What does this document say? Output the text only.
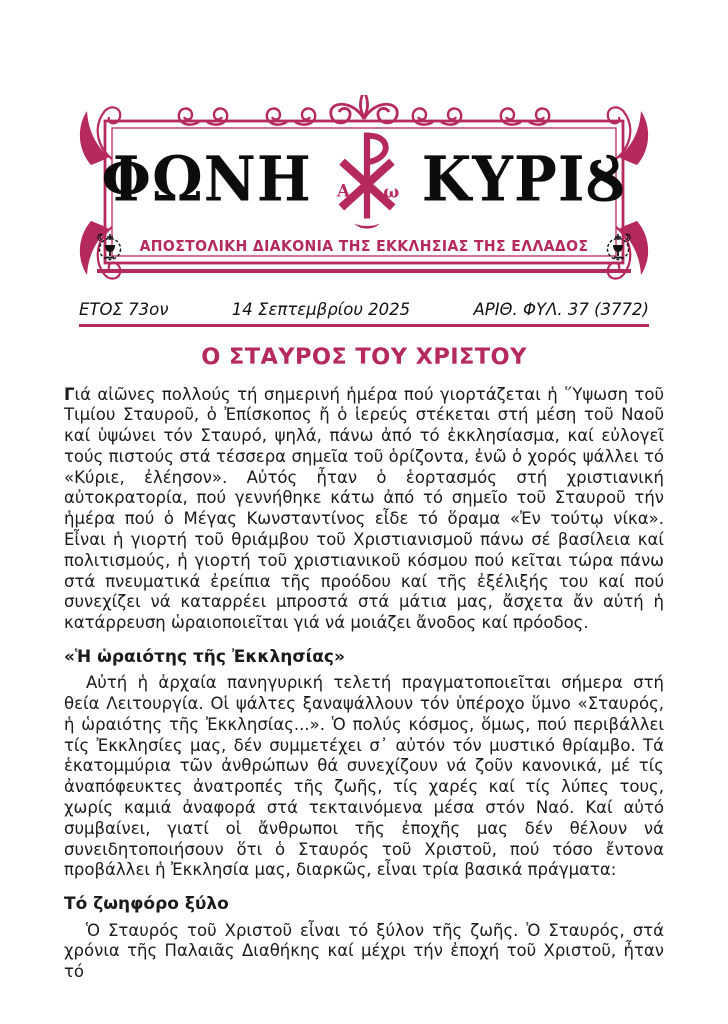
ΦΩΝΗ Α ω ΚΥΡΙȢ
ΑΠΟΣΤΟΛΙΚΗ ΔΙΑΚΟΝΙΑ ΤΗΣ ΕΚΚΛΗΣΙΑΣ ΤΗΣ ΕΛΛΑΔΟΣ
ΕΤΟΣ 73ον	14 Σεπτεμβρίου 2025	ΑΡΙΘ. ΦΥΛ. 37 (3772)
Ο ΣΤΑΥΡΟΣ ΤΟΥ ΧΡΙΣΤΟΥ

Γιά αἰῶνες πολλούς τή σημερινή ἡμέρα πού γιορτάζεται ἡ ῞Υψωση τοῦ Τιμίου Σταυροῦ, ὁ Ἐπίσκοπος ἤ ὁ ἱερεύς στέκεται στή μέση τοῦ Ναοῦ καί ὑψώνει τόν Σταυρό, ψηλά, πάνω ἀπό τό ἐκκλησίασμα, καί εὐλογεῖ τούς πιστούς στά τέσσερα σημεῖα τοῦ ὁρίζοντα, ἐνῶ ὁ χορός ψάλλει τό «Κύριε, ἐλέησον». Αὐτός ἦταν ὁ ἑορτασμός στή χριστιανική αὐτοκρατορία, πού γεννήθηκε κάτω ἀπό τό σημεῖο τοῦ Σταυροῦ τήν ἡμέρα πού ὁ Μέγας Κωνσταντίνος εἶδε τό ὅραμα «Ἐν τούτῳ νίκα». Εἶναι ἡ γιορτή τοῦ θριάμβου τοῦ Χριστιανισμοῦ πάνω σέ βασίλεια καί πολιτισμούς, ἡ γιορτή τοῦ χριστιανικοῦ κόσμου πού κεῖται τώρα πάνω στά πνευματικά ἐρείπια τῆς προόδου καί τῆς ἐξέλιξής του καί πού συνεχίζει νά καταρρέει μπροστά στά μάτια μας, ἄσχετα ἄν αὐτή ἡ κατάρρευση ὡραιοποιεῖται γιά νά μοιάζει ἄνοδος καί πρόοδος.

«Ἡ ὡραιότης τῆς Ἐκκλησίας»

Αὐτή ἡ ἀρχαία πανηγυρική τελετή πραγματοποιεῖται σήμερα στή θεία Λειτουργία. Οἱ ψάλτες ξαναψάλλουν τόν ὑπέροχο ὕμνο «Σταυρός, ἡ ὡραιότης τῆς Ἐκκλησίας...». Ὁ πολύς κόσμος, ὅμως, πού περιβάλλει τίς Ἐκκλησίες μας, δέν συμμετέχει σ᾽ αὐτόν τόν μυστικό θρίαμβο. Τά ἑκατομμύρια τῶν ἀνθρώπων θά συνεχίζουν νά ζοῦν κανονικά, μέ τίς ἀναπόφευκτες ἀνατροπές τῆς ζωῆς, τίς χαρές καί τίς λύπες τους, χωρίς καμιά ἀναφορά στά τεκταινόμενα μέσα στόν Ναό. Καί αὐτό συμβαίνει, γιατί οἱ ἄνθρωποι τῆς ἐποχῆς μας δέν θέλουν νά συνειδητοποιήσουν ὅτι ὁ Σταυρός τοῦ Χριστοῦ, πού τόσο ἔντονα προβάλλει ἡ Ἐκκλησία μας, διαρκῶς, εἶναι τρία βασικά πράγματα:

Τό ζωηφόρο ξύλο

Ὁ Σταυρός τοῦ Χριστοῦ εἶναι τό ξύλον τῆς ζωῆς. Ὁ Σταυρός, στά χρόνια τῆς Παλαιᾶς Διαθήκης καί μέχρι τήν ἐποχή τοῦ Χριστοῦ, ἦταν τό
